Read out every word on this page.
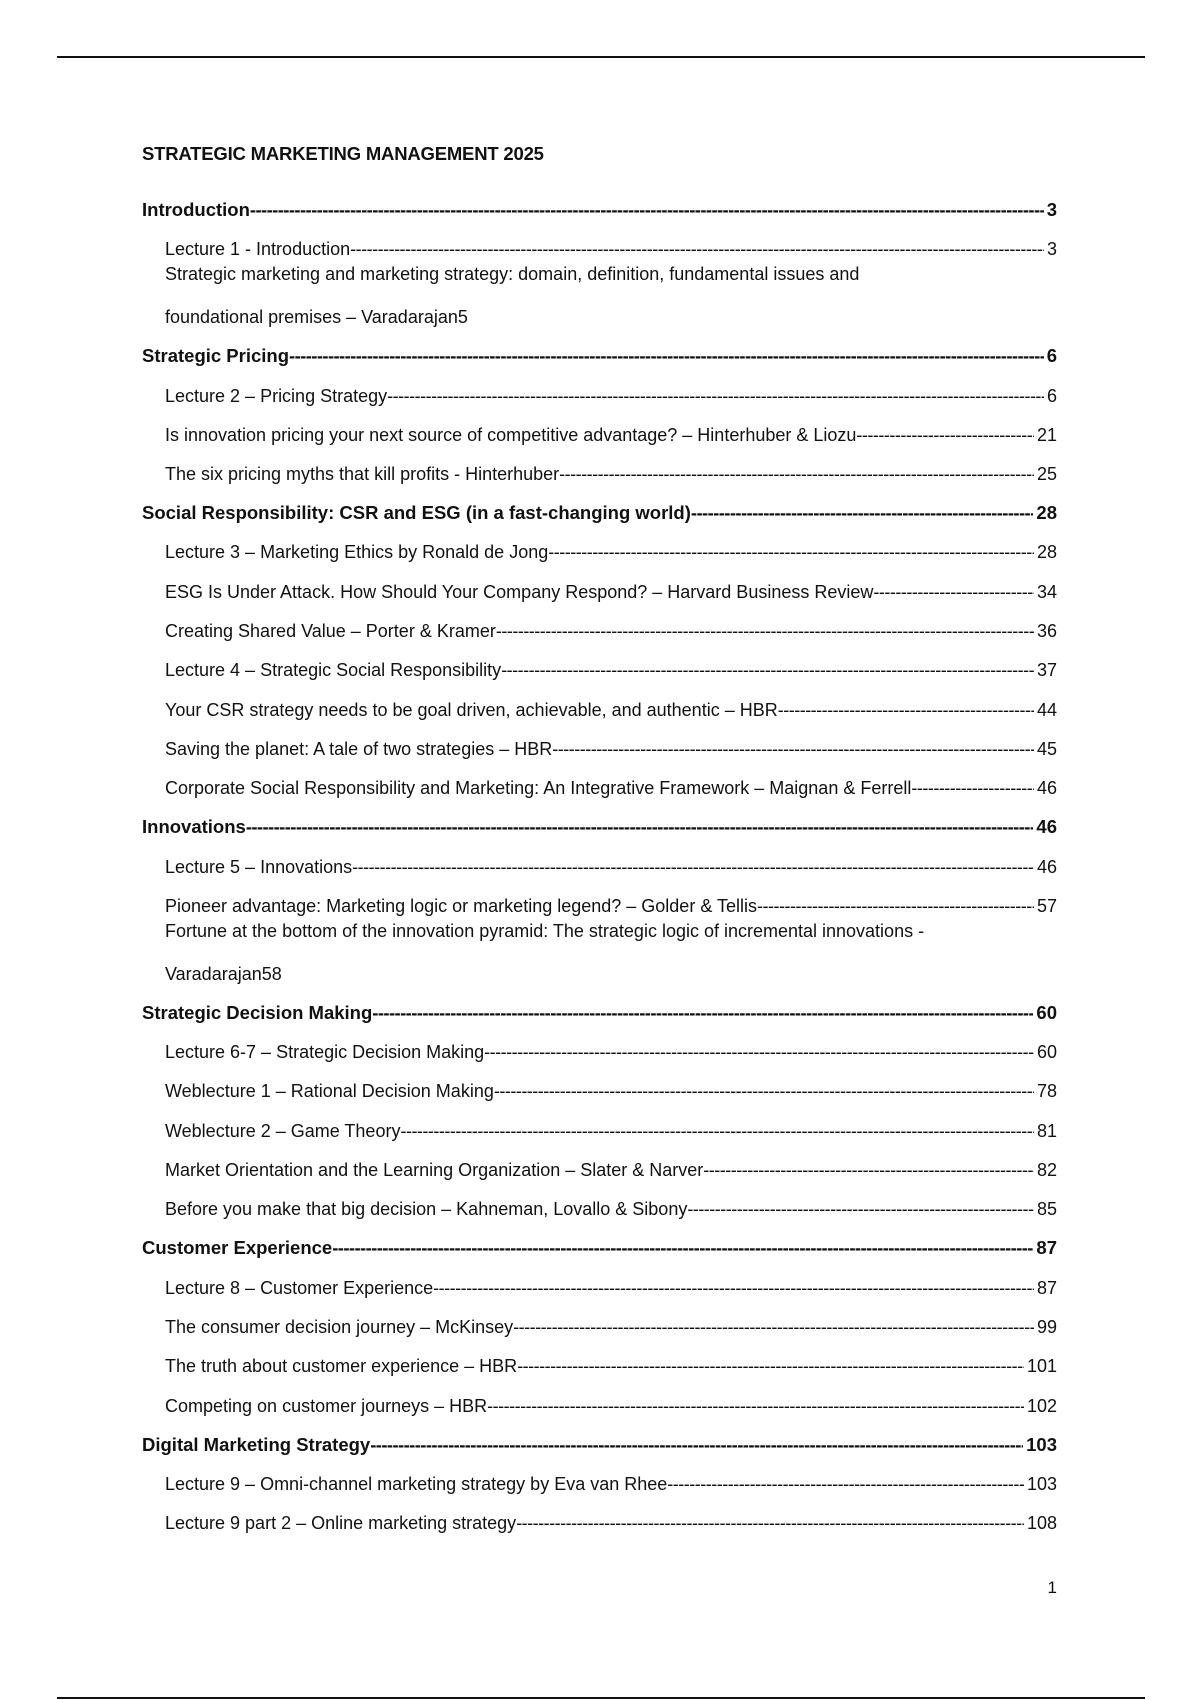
STRATEGIC MARKETING MANAGEMENT 2025
Introduction -----	3
Lecture 1 - Introduction -----	3
Strategic marketing and marketing strategy: domain, definition, fundamental issues and
foundational premises – Varadarajan 5
Strategic Pricing -----	6
Lecture 2 – Pricing Strategy -----	6
Is innovation pricing your next source of competitive advantage? – Hinterhuber & Liozu -----	21
The six pricing myths that kill profits - Hinterhuber -----	25
Social Responsibility: CSR and ESG (in a fast-changing world) -----	28
Lecture 3 – Marketing Ethics by Ronald de Jong -----	28
ESG Is Under Attack. How Should Your Company Respond? – Harvard Business Review -----	34
Creating Shared Value – Porter & Kramer -----	36
Lecture 4 – Strategic Social Responsibility -----	37
Your CSR strategy needs to be goal driven, achievable, and authentic – HBR -----	44
Saving the planet: A tale of two strategies – HBR -----	45
Corporate Social Responsibility and Marketing: An Integrative Framework – Maignan & Ferrell -----	46
Innovations -----	46
Lecture 5 – Innovations -----	46
Pioneer advantage: Marketing logic or marketing legend? – Golder & Tellis -----	57
Fortune at the bottom of the innovation pyramid: The strategic logic of incremental innovations -
Varadarajan 58
Strategic Decision Making -----	60
Lecture 6-7 – Strategic Decision Making -----	60
Weblecture 1 – Rational Decision Making -----	78
Weblecture 2 – Game Theory -----	81
Market Orientation and the Learning Organization – Slater & Narver -----	82
Before you make that big decision – Kahneman, Lovallo & Sibony -----	85
Customer Experience -----	87
Lecture 8 – Customer Experience -----	87
The consumer decision journey – McKinsey -----	99
The truth about customer experience – HBR -----	101
Competing on customer journeys – HBR -----	102
Digital Marketing Strategy -----	103
Lecture 9 – Omni-channel marketing strategy by Eva van Rhee -----	103
Lecture 9 part 2 – Online marketing strategy -----	108
1
